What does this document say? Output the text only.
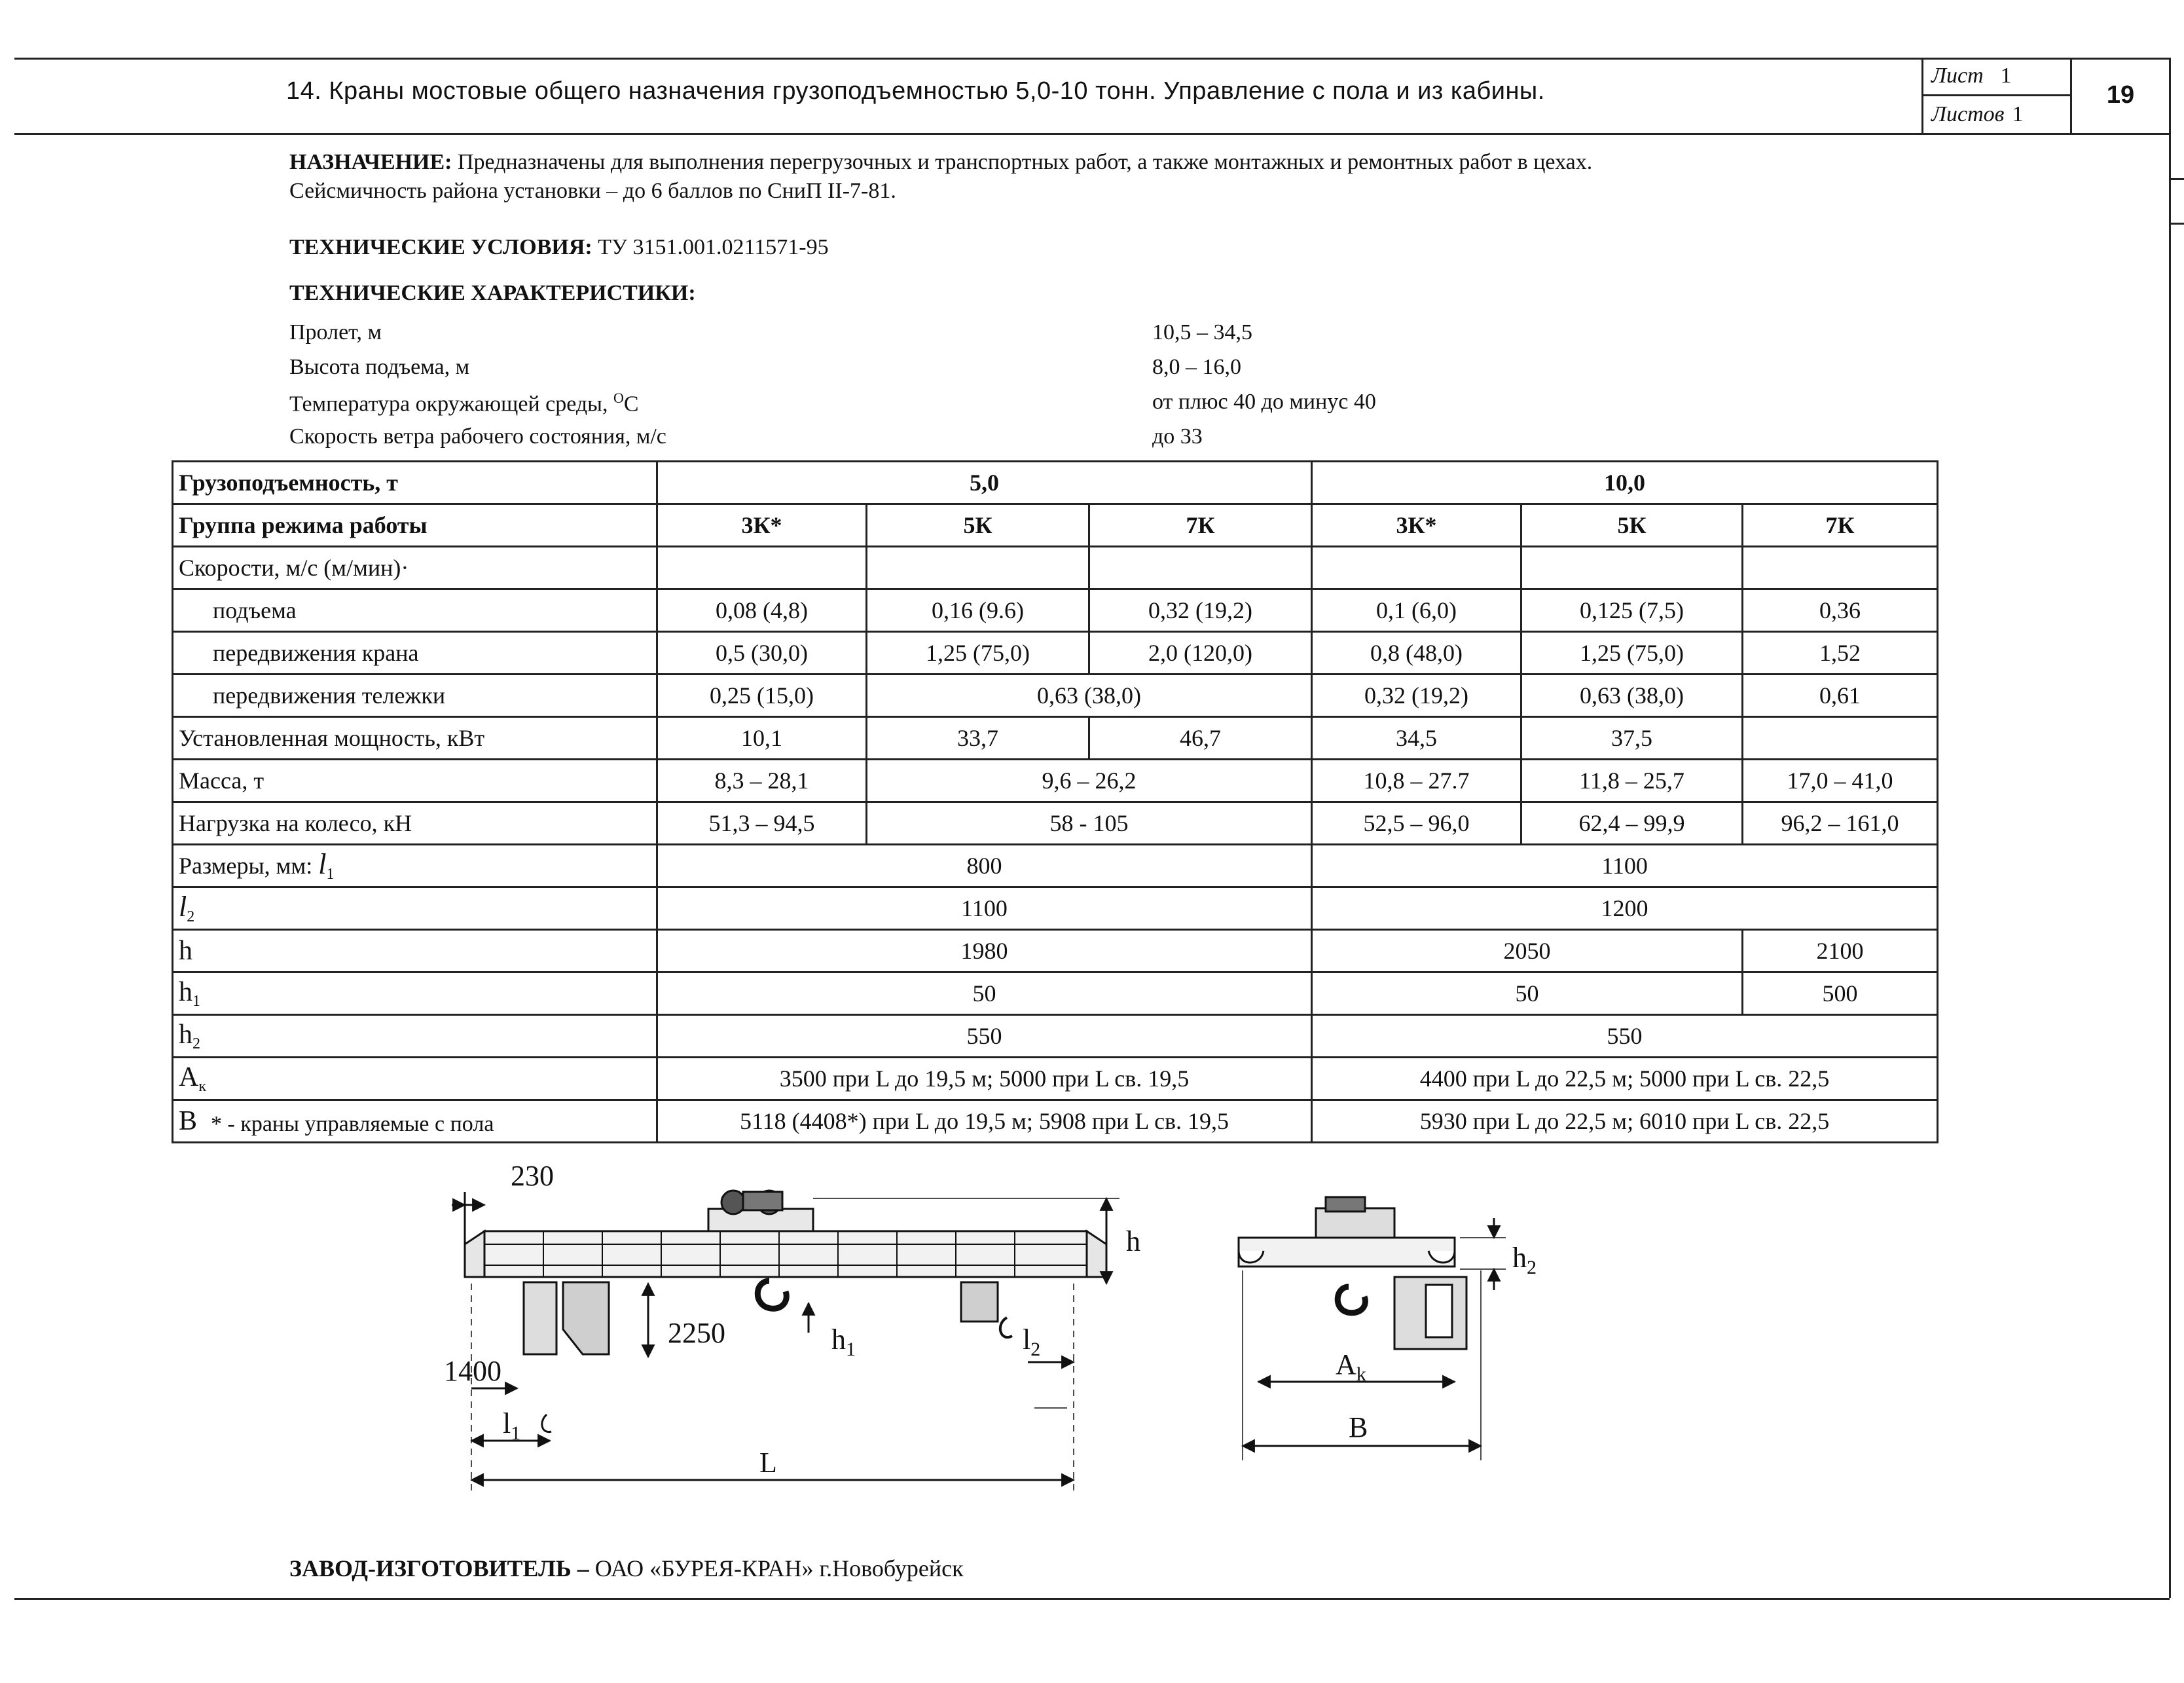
14. Краны мостовые общего назначения грузоподъемностью 5,0-10 тонн. Управление с пола и из кабины.
Лист 1
Листов 1
19
НАЗНАЧЕНИЕ: Предназначены для выполнения перегрузочных и транспортных работ, а также монтажных и ремонтных работ в цехах.
Сейсмичность района установки – до 6 баллов по СниП II-7-81.
ТЕХНИЧЕСКИЕ УСЛОВИЯ: ТУ 3151.001.0211571-95
ТЕХНИЧЕСКИЕ ХАРАКТЕРИСТИКИ:
Пролет, м	10,5 – 34,5
Высота подъема, м	8,0 – 16,0
Температура окружающей среды, $^О$С	от плюс 40 до минус 40
Скорость ветра рабочего состояния, м/с	до 33
Грузоподъемность, т	5,0			10,0		
Группа режима работы	3К*	5К	7К	3К*	5К	7К
Скорости, м/с (м/мин)·						
подъема	0,08 (4,8)	0,16 (9.6)	0,32 (19,2)	0,1 (6,0)	0,125 (7,5)	0,36
передвижения крана	0,5 (30,0)	1,25 (75,0)	2,0 (120,0)	0,8 (48,0)	1,25 (75,0)	1,52
передвижения тележки	0,25 (15,0)	0,63 (38,0)		0,32 (19,2)	0,63 (38,0)	0,61
Установленная мощность, кВт	10,1	33,7	46,7	34,5	37,5	
Масса, т	8,3 – 28,1	9,6 – 26,2		10,8 – 27.7	11,8 – 25,7	17,0 – 41,0
Нагрузка на колесо, кН	51,3 – 94,5	58 - 105		52,5 – 96,0	62,4 – 99,9	96,2 – 161,0
Размеры, мм: $l_1$	800			1100		
$l_2$	1100			1200		
h	1980			2050		2100
$h_1$	50			50		500
$h_2$	550			550		
$А_к$	3500 при L до 19,5 м; 5000 при L св. 19,5			4400 при L до 22,5 м; 5000 при L св. 22,5		
В	5118 (4408*) при L до 19,5 м; 5908 при L св. 19,5			5930 при L до 22,5 м; 6010 при L св. 22,5		
* - краны управляемые с пола
230
h
2250	$h_1$	$l_2$
1400
$l_1$
L
$h_2$
$A_k$
B
ЗАВОД-ИЗГОТОВИТЕЛЬ – ОАО «БУРЕЯ-КРАН» г.Новобурейск
